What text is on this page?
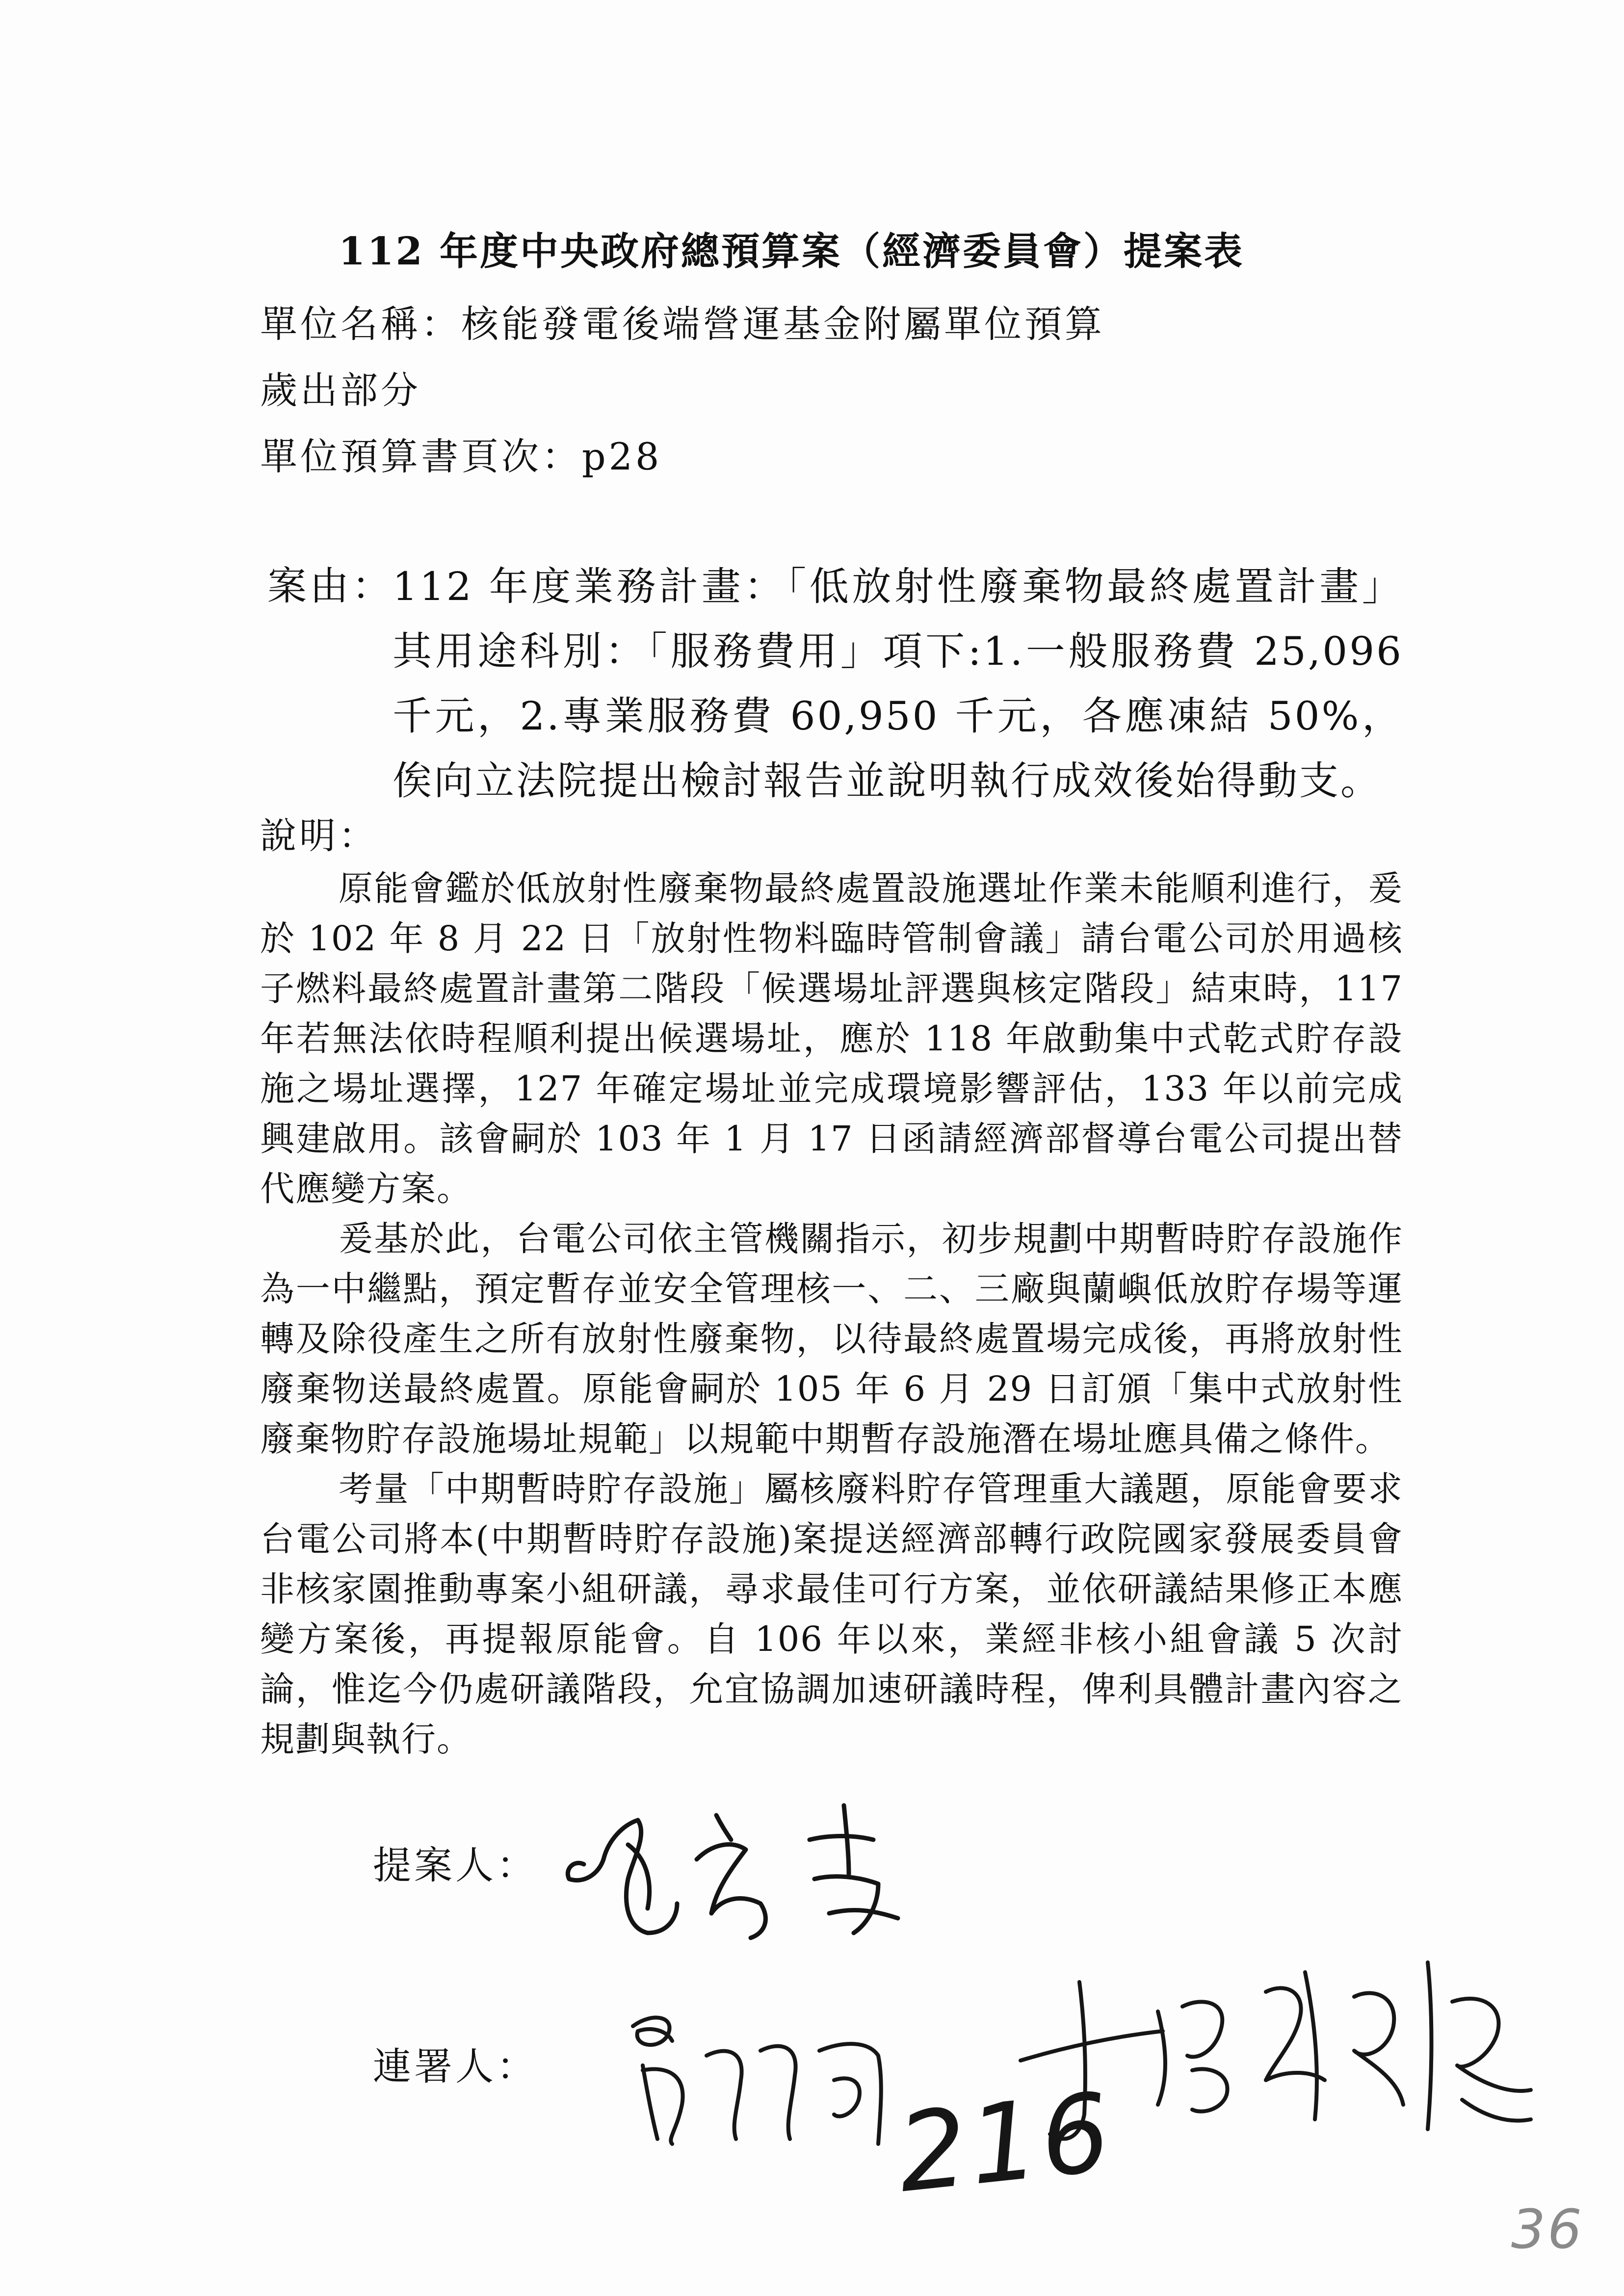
112 年度中央政府總預算案（經濟委員會）提案表
單位名稱：核能發電後端營運基金附屬單位預算
歲出部分
單位預算書頁次：p28
案由：
112 年度業務計畫：「低放射性廢棄物最終處置計畫」其用途科別：「服務費用」項下:1.一般服務費 25,096 千元，2.專業服務費 60,950 千元，各應凍結 50%，俟向立法院提出檢討報告並說明執行成效後始得動支。
說明：

原能會鑑於低放射性廢棄物最終處置設施選址作業未能順利進行，爰於 102 年 8 月 22 日「放射性物料臨時管制會議」請台電公司於用過核子燃料最終處置計畫第二階段「候選場址評選與核定階段」結束時，117 年若無法依時程順利提出候選場址，應於 118 年啟動集中式乾式貯存設施之場址選擇，127 年確定場址並完成環境影響評估，133 年以前完成興建啟用。該會嗣於 103 年 1 月 17 日函請經濟部督導台電公司提出替代應變方案。

爰基於此，台電公司依主管機關指示，初步規劃中期暫時貯存設施作為一中繼點，預定暫存並安全管理核一、二、三廠與蘭嶼低放貯存場等運轉及除役產生之所有放射性廢棄物，以待最終處置場完成後，再將放射性廢棄物送最終處置。原能會嗣於 105 年 6 月 29 日訂頒「集中式放射性廢棄物貯存設施場址規範」以規範中期暫存設施潛在場址應具備之條件。

考量「中期暫時貯存設施」屬核廢料貯存管理重大議題，原能會要求台電公司將本(中期暫時貯存設施)案提送經濟部轉行政院國家發展委員會非核家園推動專案小組研議，尋求最佳可行方案，並依研議結果修正本應變方案後，再提報原能會。自 106 年以來，業經非核小組會議 5 次討論，惟迄今仍處研議階段，允宜協調加速研議時程，俾利具體計畫內容之規劃與執行。

提案人：
連署人：
216
36
